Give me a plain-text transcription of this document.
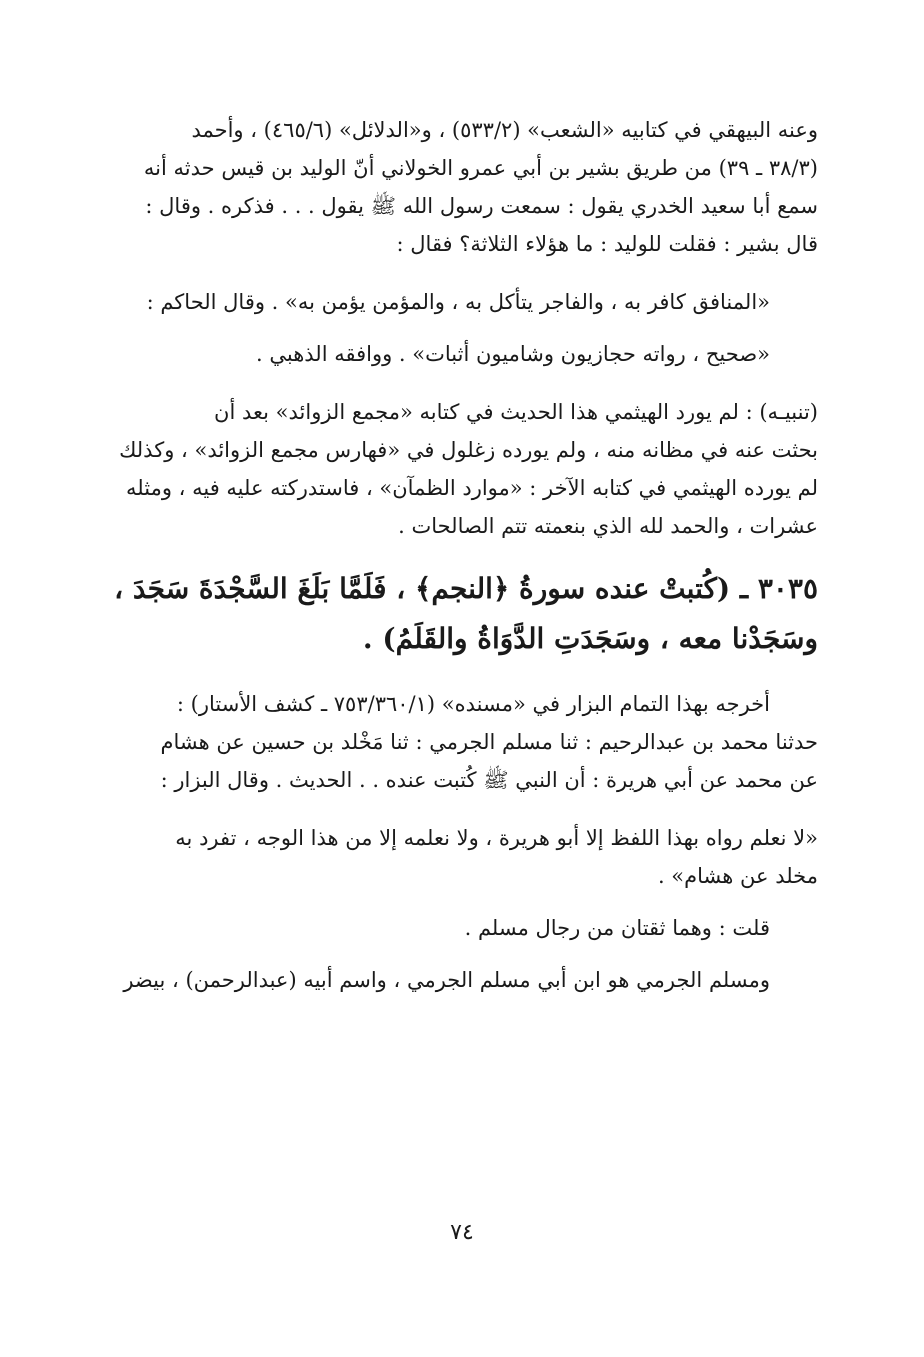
وعنه البيهقي في كتابيه «الشعب» (٥٣٣/٢) ، و«الدلائل» (٤٦٥/٦) ، وأحمد
(٣٨/٣ ـ ٣٩) من طريق بشير بن أبي عمرو الخولاني أنّ الوليد بن قيس حدثه أنه
سمع أبا سعيد الخدري يقول : سمعت رسول الله ﷺ يقول . . . فذكره . وقال :
قال بشير : فقلت للوليد : ما هؤلاء الثلاثة؟ فقال :
«المنافق كافر به ، والفاجر يتأكل به ، والمؤمن يؤمن به» . وقال الحاكم :
«صحيح ، رواته حجازيون وشاميون أثبات» . ووافقه الذهبي .
(تنبيـه) : لم يورد الهيثمي هذا الحديث في كتابه «مجمع الزوائد» بعد أن
بحثت عنه في مظانه منه ، ولم يورده زغلول في «فهارس مجمع الزوائد» ، وكذلك
لم يورده الهيثمي في كتابه الآخر : «موارد الظمآن» ، فاستدركته عليه فيه ، ومثله
عشرات ، والحمد لله الذي بنعمته تتم الصالحات .
٣٠٣٥ ـ (كُتبتْ عنده سورةُ ﴿النجم﴾ ، فَلَمَّا بَلَغَ السَّجْدَةَ سَجَدَ ،
وسَجَدْنا معه ، وسَجَدَتِ الدَّوَاةُ والقَلَمُ) .
أخرجه بهذا التمام البزار في «مسنده» (٧٥٣/٣٦٠/١ ـ كشف الأستار) :
حدثنا محمد بن عبدالرحيم : ثنا مسلم الجرمي : ثنا مَخْلد بن حسين عن هشام
عن محمد عن أبي هريرة : أن النبي ﷺ كُتبت عنده . . الحديث . وقال البزار :
«لا نعلم رواه بهذا اللفظ إلا أبو هريرة ، ولا نعلمه إلا من هذا الوجه ، تفرد به
مخلد عن هشام» .
قلت : وهما ثقتان من رجال مسلم .
ومسلم الجرمي هو ابن أبي مسلم الجرمي ، واسم أبيه (عبدالرحمن) ، بيضر
٧٤
